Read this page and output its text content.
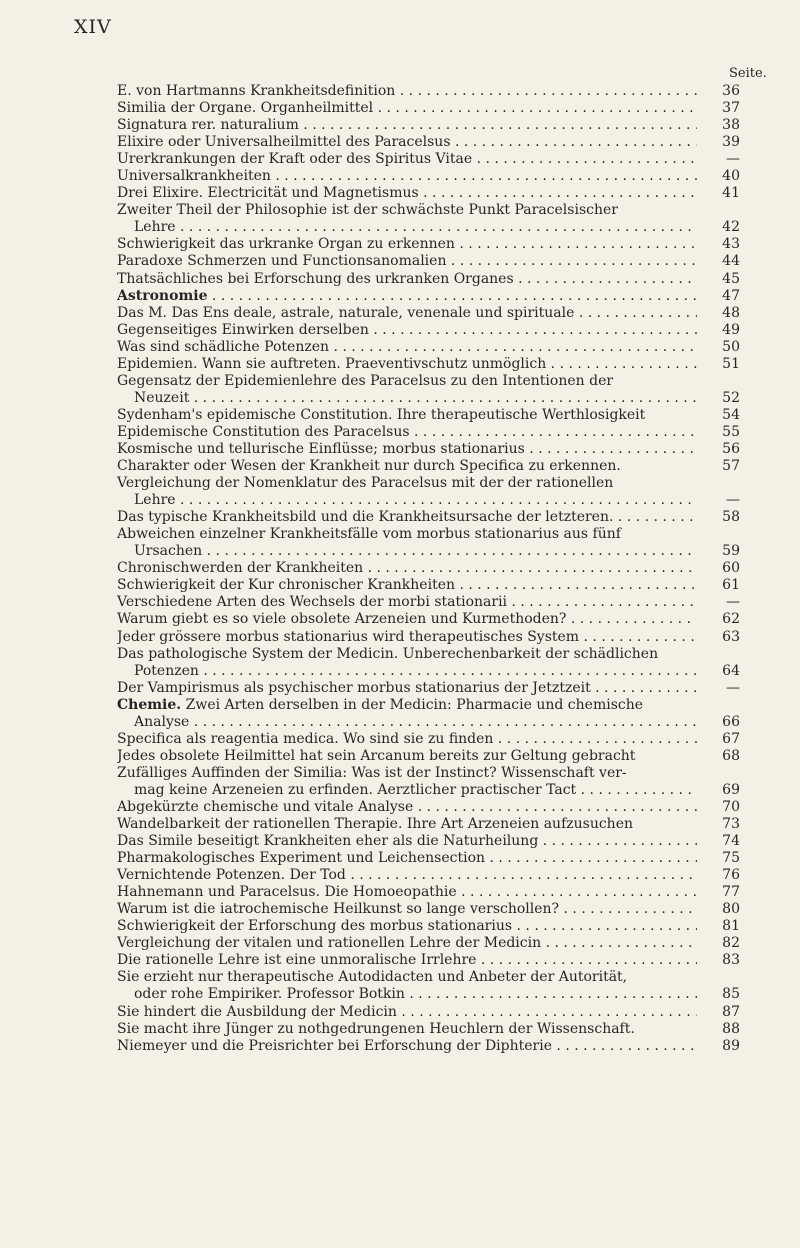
XIV
Seite.
E. von Hartmanns Krankheitsdefinition . . .	36
Similia der Organe. Organheilmittel . . .	37
Signatura rer. naturalium . . .	38
Elixire oder Universalheilmittel des Paracelsus . . .	39
Urerkrankungen der Kraft oder des Spiritus Vitae . . .	—
Universalkrankheiten . . .	40
Drei Elixire. Electricität und Magnetismus . . .	41
Zweiter Theil der Philosophie ist der schwächste Punkt Paracelsischer
Lehre . . .	42
Schwierigkeit das urkranke Organ zu erkennen . . .	43
Paradoxe Schmerzen und Functionsanomalien . . .	44
Thatsächliches bei Erforschung des urkranken Organes . . .	45
Astronomie . . .	47
Das M. Das Ens deale, astrale, naturale, venenale und spirituale . . .	48
Gegenseitiges Einwirken derselben . . .	49
Was sind schädliche Potenzen . . .	50
Epidemien. Wann sie auftreten. Praeventivschutz unmöglich . . .	51
Gegensatz der Epidemienlehre des Paracelsus zu den Intentionen der
Neuzeit . . .	52
Sydenham's epidemische Constitution. Ihre therapeutische Werthlosigkeit	54
Epidemische Constitution des Paracelsus . . .	55
Kosmische und tellurische Einflüsse; morbus stationarius . . .	56
Charakter oder Wesen der Krankheit nur durch Specifica zu erkennen.	57
Vergleichung der Nomenklatur des Paracelsus mit der der rationellen
Lehre . . .	—
Das typische Krankheitsbild und die Krankheitsursache der letzteren. . . .	58
Abweichen einzelner Krankheitsfälle vom morbus stationarius aus fünf
Ursachen . . .	59
Chronischwerden der Krankheiten . . .	60
Schwierigkeit der Kur chronischer Krankheiten . . .	61
Verschiedene Arten des Wechsels der morbi stationarii . . .	—
Warum giebt es so viele obsolete Arzeneien und Kurmethoden? . . .	62
Jeder grössere morbus stationarius wird therapeutisches System . . .	63
Das pathologische System der Medicin. Unberechenbarkeit der schädlichen
Potenzen . . .	64
Der Vampirismus als psychischer morbus stationarius der Jetztzeit . . .	—
Chemie. Zwei Arten derselben in der Medicin: Pharmacie und chemische
Analyse . . .	66
Specifica als reagentia medica. Wo sind sie zu finden . . .	67
Jedes obsolete Heilmittel hat sein Arcanum bereits zur Geltung gebracht	68
Zufälliges Auffinden der Similia: Was ist der Instinct? Wissenschaft ver-
mag keine Arzeneien zu erfinden. Aerztlicher practischer Tact . . .	69
Abgekürzte chemische und vitale Analyse . . .	70
Wandelbarkeit der rationellen Therapie. Ihre Art Arzeneien aufzusuchen	73
Das Simile beseitigt Krankheiten eher als die Naturheilung . . .	74
Pharmakologisches Experiment und Leichensection . . .	75
Vernichtende Potenzen. Der Tod . . .	76
Hahnemann und Paracelsus. Die Homoeopathie . . .	77
Warum ist die iatrochemische Heilkunst so lange verschollen? . . .	80
Schwierigkeit der Erforschung des morbus stationarius . . .	81
Vergleichung der vitalen und rationellen Lehre der Medicin . . .	82
Die rationelle Lehre ist eine unmoralische Irrlehre . . .	83
Sie erzieht nur therapeutische Autodidacten und Anbeter der Autorität,
oder rohe Empiriker. Professor Botkin . . .	85
Sie hindert die Ausbildung der Medicin . . .	87
Sie macht ihre Jünger zu nothgedrungenen Heuchlern der Wissenschaft.	88
Niemeyer und die Preisrichter bei Erforschung der Diphterie . . .	89
